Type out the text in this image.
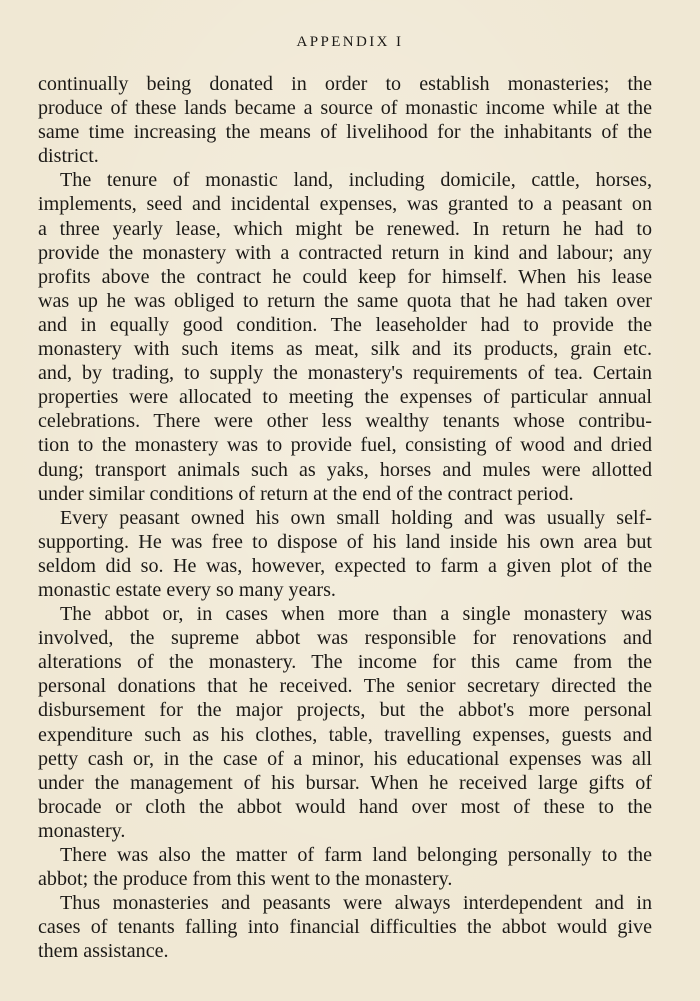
APPENDIX I
continually being donated in order to establish monasteries; the
produce of these lands became a source of monastic income while at the
same time increasing the means of livelihood for the inhabitants of the
district.
The tenure of monastic land, including domicile, cattle, horses,
implements, seed and incidental expenses, was granted to a peasant on
a three yearly lease, which might be renewed. In return he had to
provide the monastery with a contracted return in kind and labour; any
profits above the contract he could keep for himself. When his lease
was up he was obliged to return the same quota that he had taken over
and in equally good condition. The leaseholder had to provide the
monastery with such items as meat, silk and its products, grain etc.
and, by trading, to supply the monastery's requirements of tea. Certain
properties were allocated to meeting the expenses of particular annual
celebrations. There were other less wealthy tenants whose contribu-
tion to the monastery was to provide fuel, consisting of wood and dried
dung; transport animals such as yaks, horses and mules were allotted
under similar conditions of return at the end of the contract period.
Every peasant owned his own small holding and was usually self-
supporting. He was free to dispose of his land inside his own area but
seldom did so. He was, however, expected to farm a given plot of the
monastic estate every so many years.
The abbot or, in cases when more than a single monastery was
involved, the supreme abbot was responsible for renovations and
alterations of the monastery. The income for this came from the
personal donations that he received. The senior secretary directed the
disbursement for the major projects, but the abbot's more personal
expenditure such as his clothes, table, travelling expenses, guests and
petty cash or, in the case of a minor, his educational expenses was all
under the management of his bursar. When he received large gifts of
brocade or cloth the abbot would hand over most of these to the
monastery.
There was also the matter of farm land belonging personally to the
abbot; the produce from this went to the monastery.
Thus monasteries and peasants were always interdependent and in
cases of tenants falling into financial difficulties the abbot would give
them assistance.
